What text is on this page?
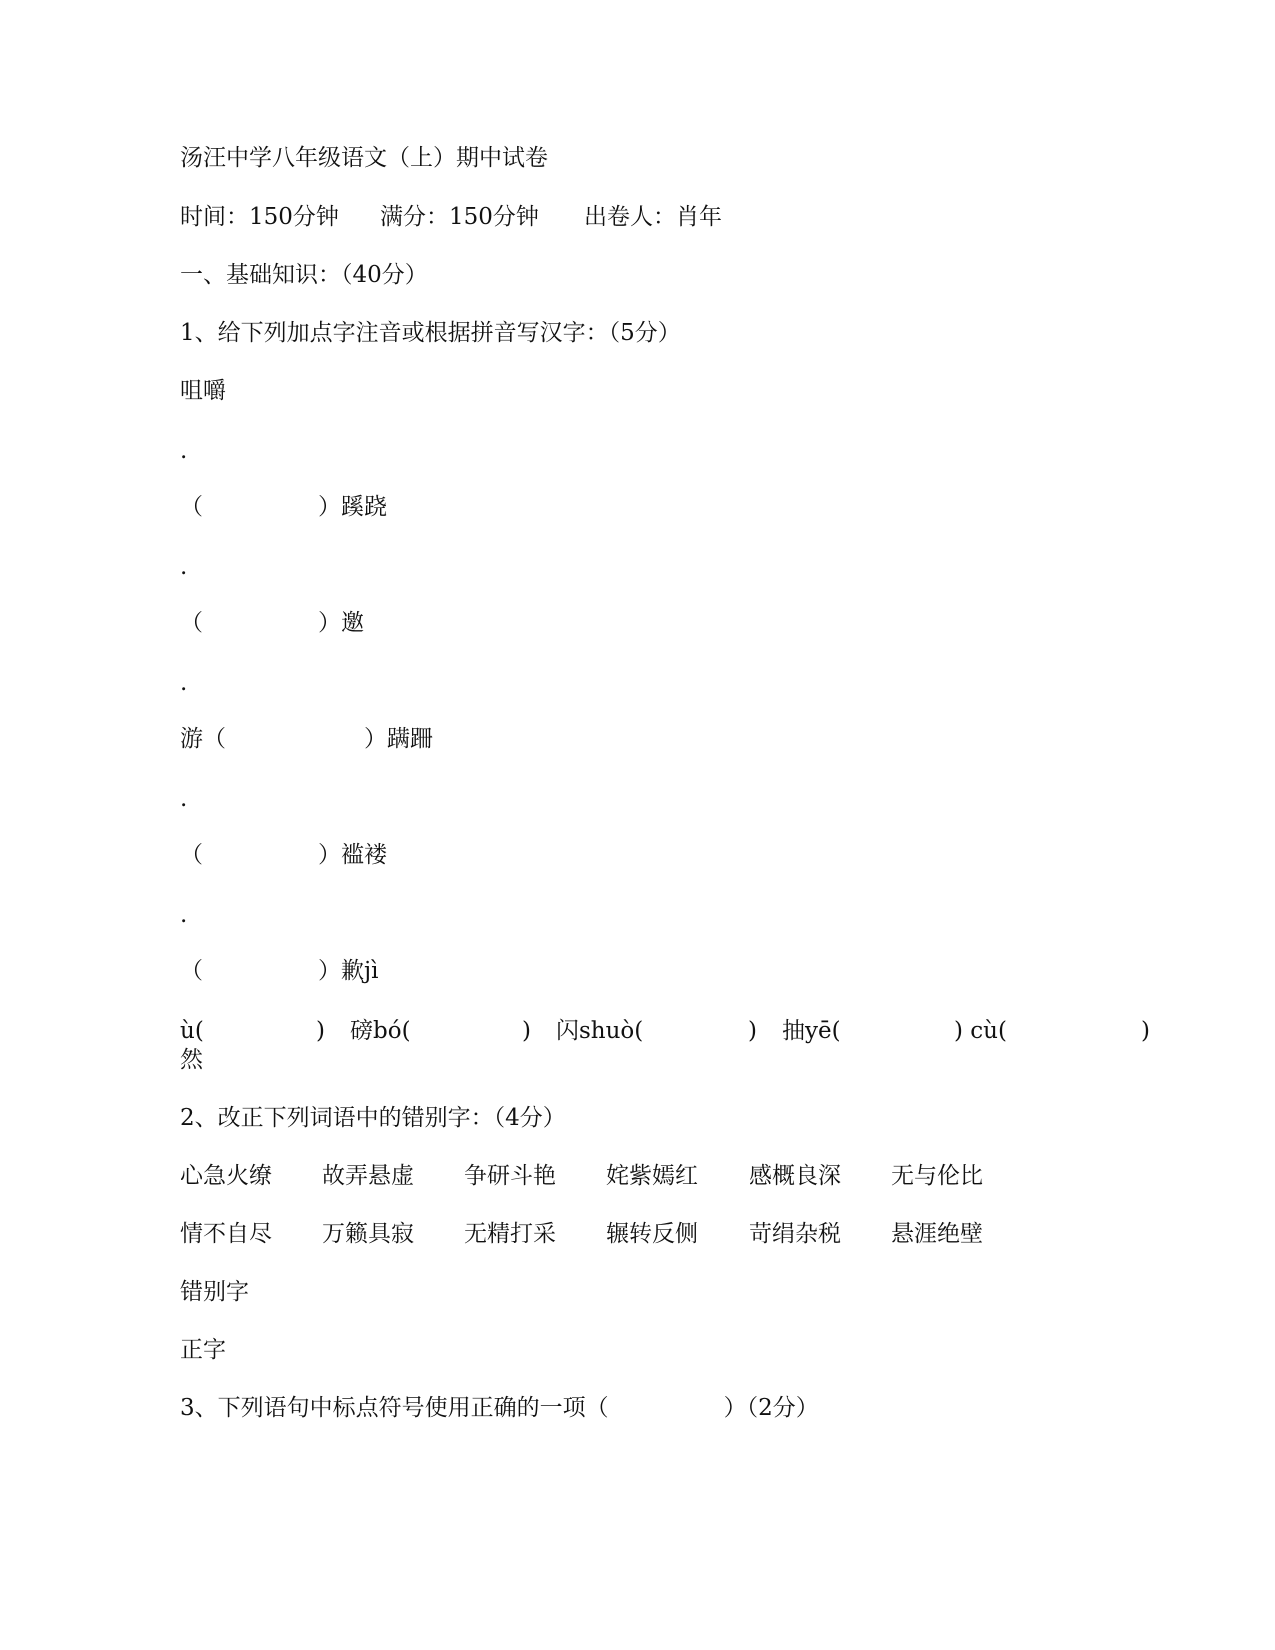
汤汪中学八年级语文（上）期中试卷
时间：150分钟 满分：150分钟 出卷人：肖年
一、基础知识：（40分）
1、给下列加点字注音或根据拼音写汉字：（5分）
咀嚼
.
（　　　　　）蹊跷
.
（　　　　　）邀
.
游（　　　　　　）蹒跚
.
（　　　　　）褴褛
.
（　　　　　）歉jì
ù(	) 磅bó(	) 闪shuò(	) 抽yē(	) cù(	)
然
2、改正下列词语中的错别字：（4分）
心急火缭 故弄悬虚 争研斗艳 姹紫嫣红 感概良深 无与伦比
情不自尽 万籁具寂 无精打采 辗转反侧 苛绢杂税 悬涯绝壁
错别字
正字
3、下列语句中标点符号使用正确的一项（　　　　　）（2分）
